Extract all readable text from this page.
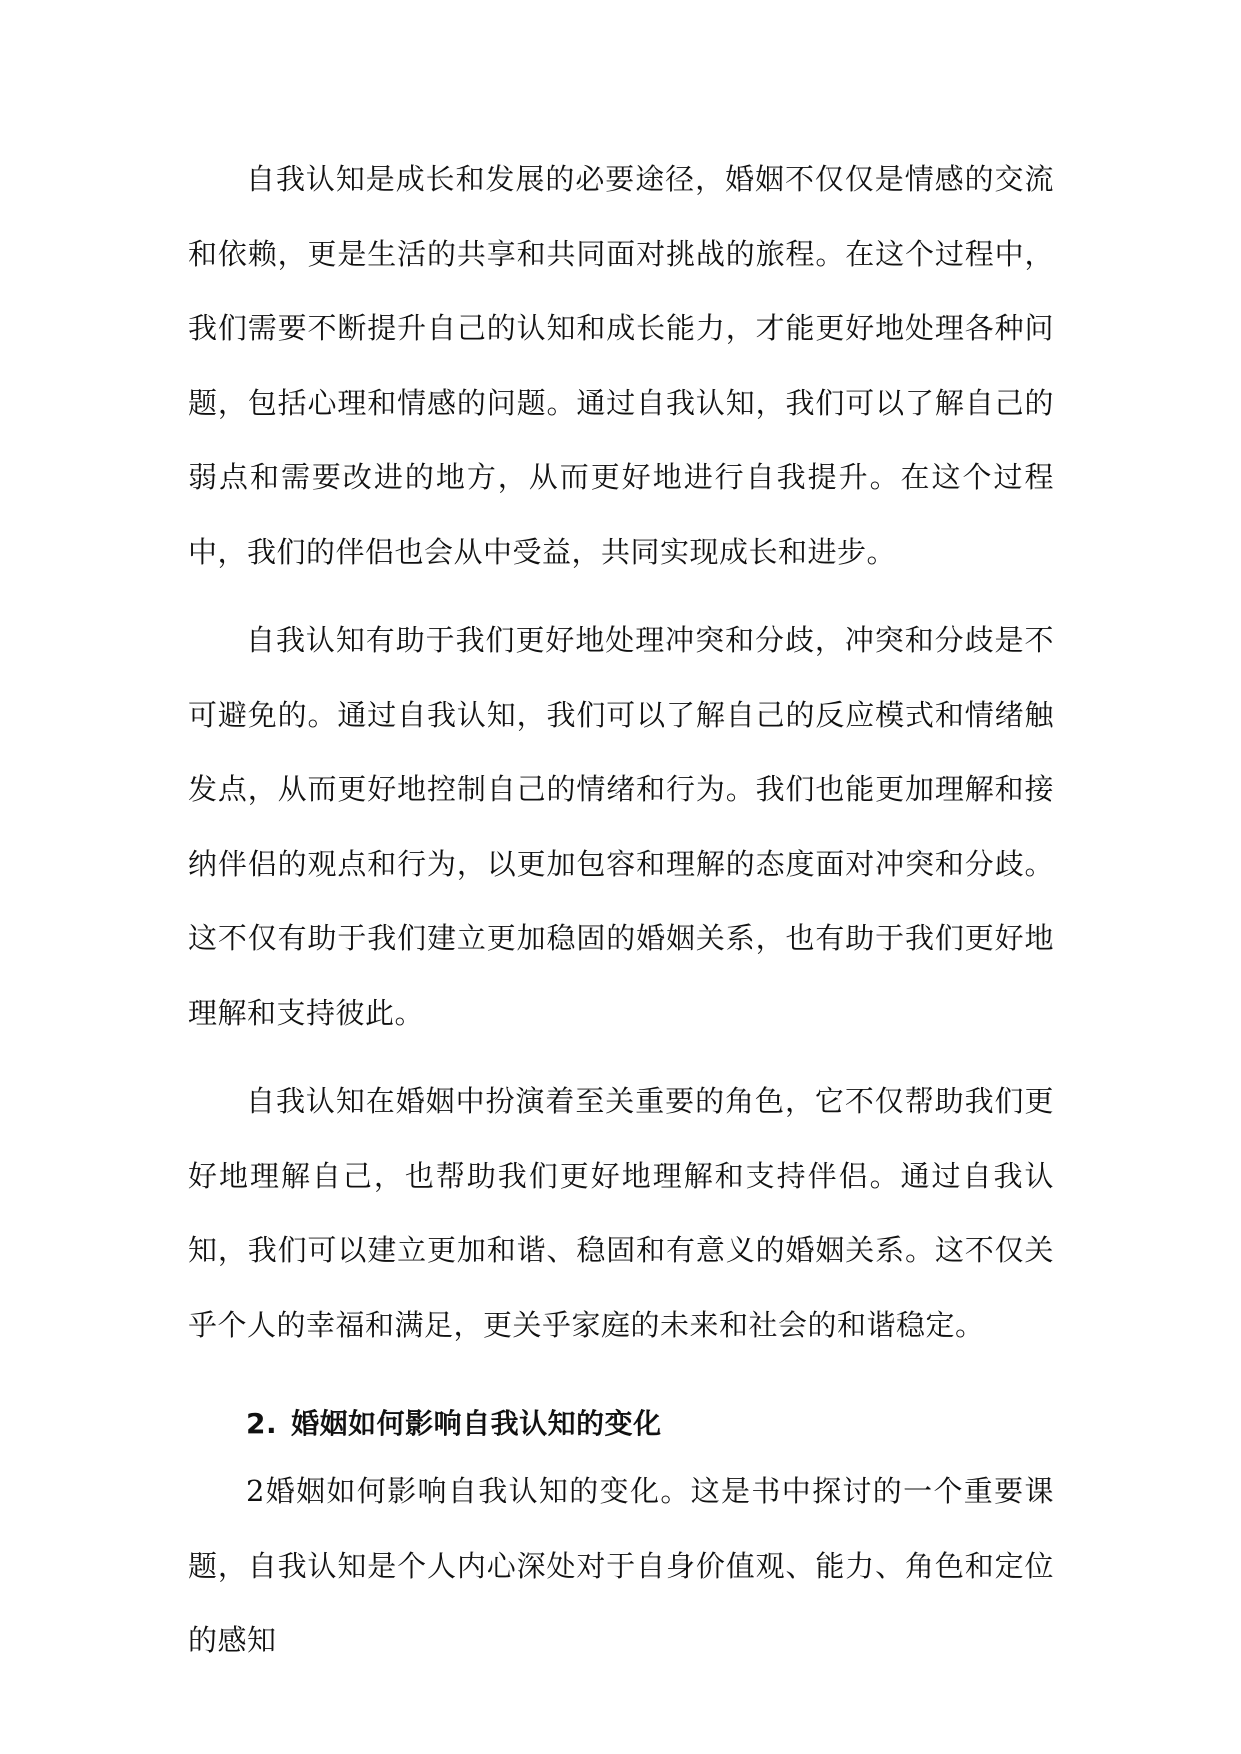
自我认知是成长和发展的必要途径，婚姻不仅仅是情感的交流和依赖，更是生活的共享和共同面对挑战的旅程。在这个过程中，我们需要不断提升自己的认知和成长能力，才能更好地处理各种问题，包括心理和情感的问题。通过自我认知，我们可以了解自己的弱点和需要改进的地方，从而更好地进行自我提升。在这个过程中，我们的伴侣也会从中受益，共同实现成长和进步。

自我认知有助于我们更好地处理冲突和分歧，冲突和分歧是不可避免的。通过自我认知，我们可以了解自己的反应模式和情绪触发点，从而更好地控制自己的情绪和行为。我们也能更加理解和接纳伴侣的观点和行为，以更加包容和理解的态度面对冲突和分歧。这不仅有助于我们建立更加稳固的婚姻关系，也有助于我们更好地理解和支持彼此。

自我认知在婚姻中扮演着至关重要的角色，它不仅帮助我们更好地理解自己，也帮助我们更好地理解和支持伴侣。通过自我认知，我们可以建立更加和谐、稳固和有意义的婚姻关系。这不仅关乎个人的幸福和满足，更关乎家庭的未来和社会的和谐稳定。

2. 婚姻如何影响自我认知的变化

2婚姻如何影响自我认知的变化。这是书中探讨的一个重要课题，自我认知是个人内心深处对于自身价值观、能力、角色和定位的感知
